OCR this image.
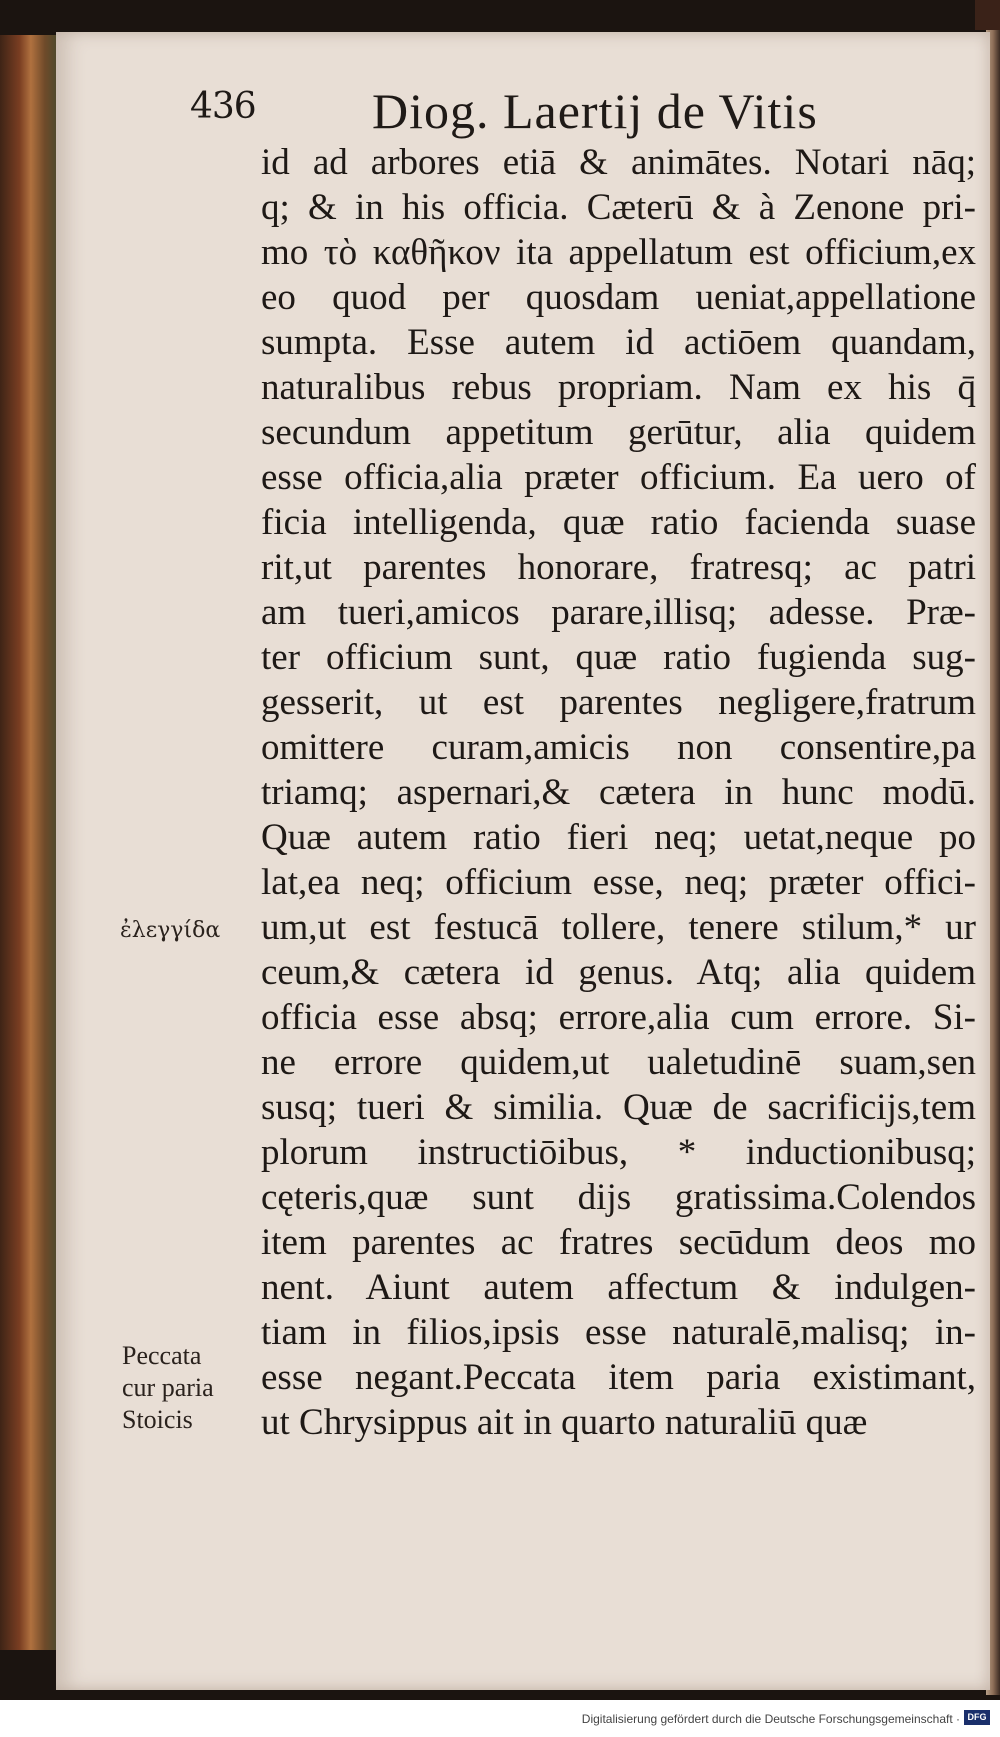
436 Diog. Laertij de Vitis
id ad arbores etiā & animātes. Notari nāq;
q; & in his officia. Cæterū & à Zenone pri-
mo τὸ καθῆκον ita appellatum est officium,ex
eo quod per quosdam ueniat,appellatione
sumpta. Esse autem id actiōem quandam,
naturalibus rebus propriam. Nam ex his q̄
secundum appetitum gerūtur, alia quidem
esse officia,alia præter officium. Ea uero of
ficia intelligenda, quæ ratio facienda suase
rit,ut parentes honorare, fratresq; ac patri
am tueri,amicos parare,illisq; adesse. Præ-
ter officium sunt, quæ ratio fugienda sug-
gesserit, ut est parentes negligere,fratrum
omittere curam,amicis non consentire,pa
triamq; aspernari,& cætera in hunc modū.
Quæ autem ratio fieri neq; uetat,neque po
lat,ea neq; officium esse, neq; præter offici-
um,ut est festucā tollere, tenere stilum,* ur
ceum,& cætera id genus. Atq; alia quidem
officia esse absq; errore,alia cum errore. Si-
ne errore quidem,ut ualetudinē suam,sen
susq; tueri & similia. Quæ de sacrificijs,tem
plorum instructiōibus, * inductionibusq;
cęteris,quæ sunt dijs gratissima.Colendos
item parentes ac fratres secūdum deos mo
nent. Aiunt autem affectum & indulgen-
tiam in filios,ipsis esse naturalē,malisq; in-
esse negant.Peccata item paria existimant,
ut Chrysippus ait in quarto naturaliū quæ
ἐλεγγίδα
Peccata
cur paria
Stoicis
Digitalisierung gefördert durch die Deutsche Forschungsgemeinschaft · DFG
